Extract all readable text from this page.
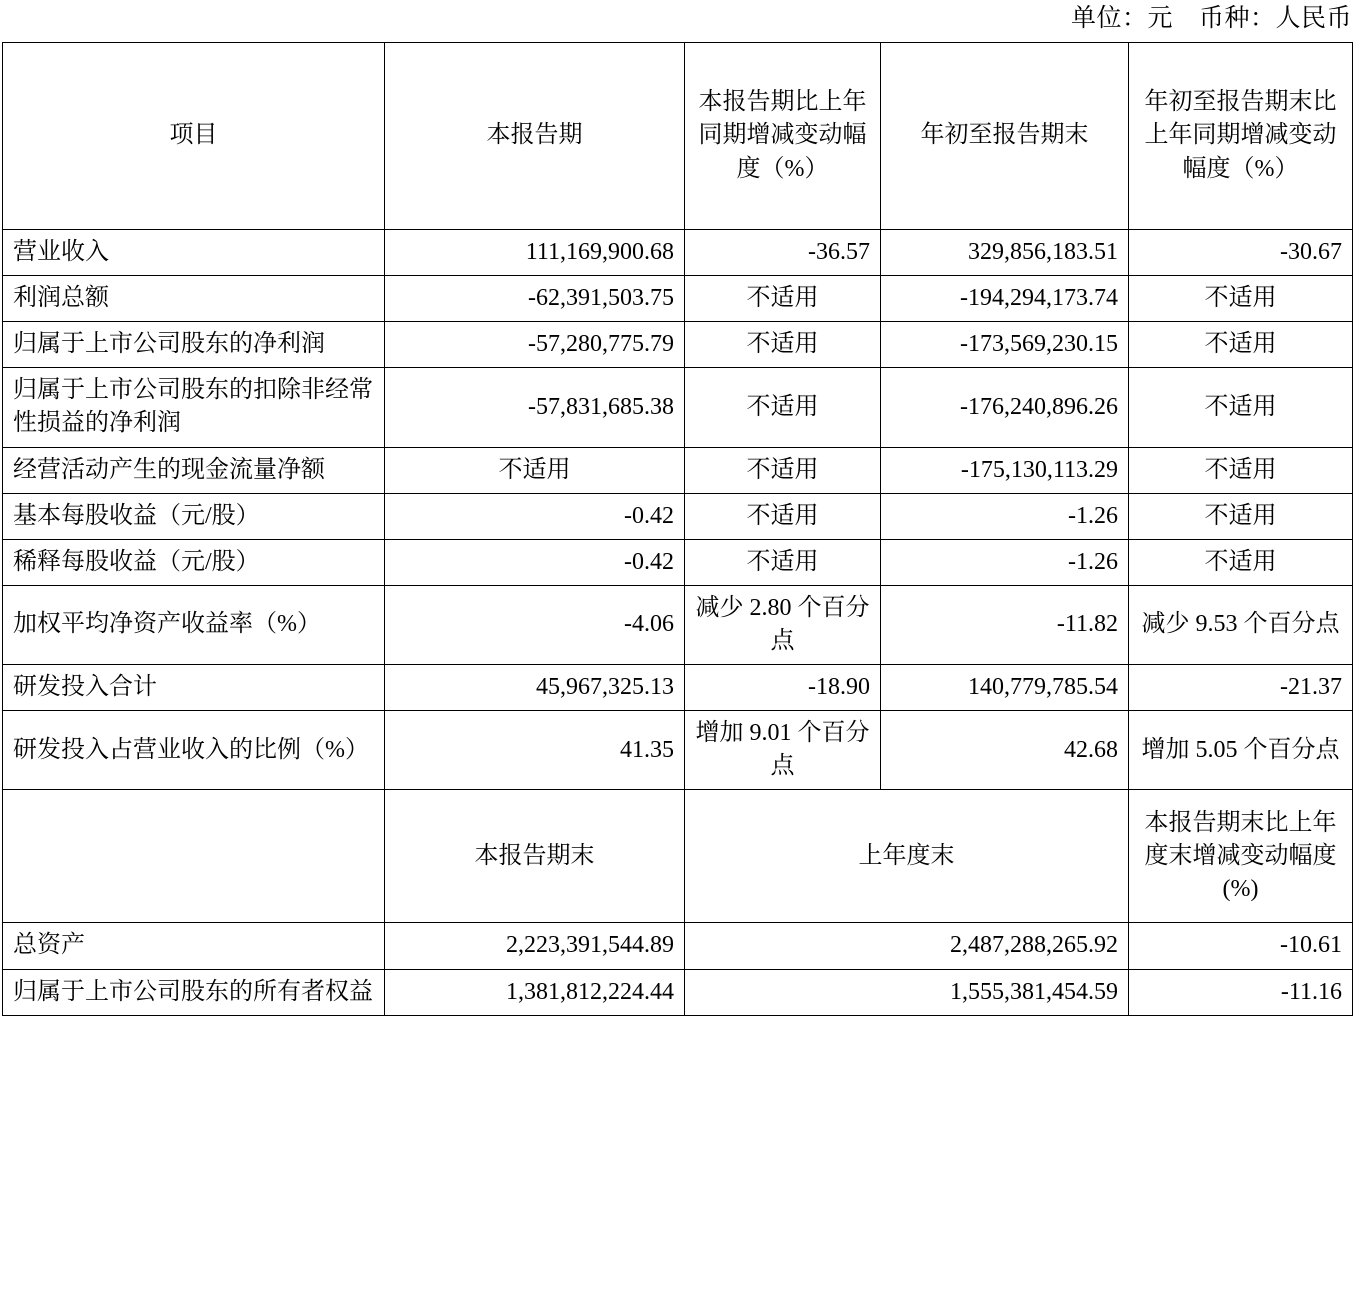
单位：元 币种：人民币
项目	本报告期	本报告期比上年同期增减变动幅度（%）	年初至报告期末	年初至报告期末比上年同期增减变动幅度（%）
营业收入	111,169,900.68	-36.57	329,856,183.51	-30.67
利润总额	-62,391,503.75	不适用	-194,294,173.74	不适用
归属于上市公司股东的净利润	-57,280,775.79	不适用	-173,569,230.15	不适用
归属于上市公司股东的扣除非经常性损益的净利润	-57,831,685.38	不适用	-176,240,896.26	不适用
经营活动产生的现金流量净额	不适用	不适用	-175,130,113.29	不适用
基本每股收益（元/股）	-0.42	不适用	-1.26	不适用
稀释每股收益（元/股）	-0.42	不适用	-1.26	不适用
加权平均净资产收益率（%）	-4.06	减少 2.80 个百分点	-11.82	减少 9.53 个百分点
研发投入合计	45,967,325.13	-18.90	140,779,785.54	-21.37
研发投入占营业收入的比例（%）	41.35	增加 9.01 个百分点	42.68	增加 5.05 个百分点
	本报告期末	上年度末		本报告期末比上年度末增减变动幅度(%)
总资产	2,223,391,544.89	2,487,288,265.92		-10.61
归属于上市公司股东的所有者权益	1,381,812,224.44	1,555,381,454.59		-11.16
